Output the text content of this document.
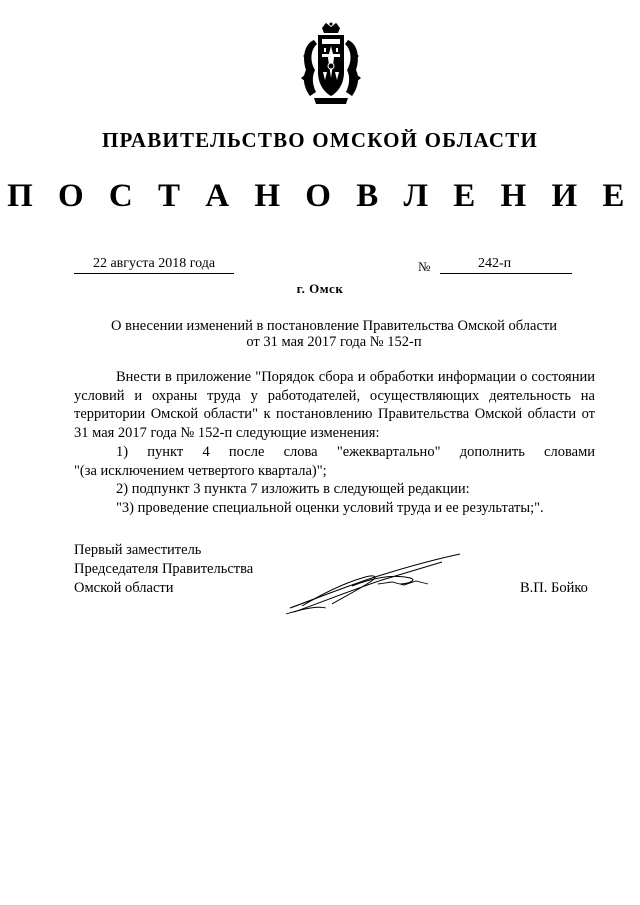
ПРАВИТЕЛЬСТВО ОМСКОЙ ОБЛАСТИ
П О С Т А Н О В Л Е Н И Е
22 августа 2018 года	№	242-п
г. Омск
О внесении изменений в постановление Правительства Омской области
от 31 мая 2017 года № 152-п

Внести в приложение "Порядок сбора и обработки информации о состоянии условий и охраны труда у работодателей, осуществляющих деятельность на территории Омской области" к постановлению Правительства Омской области от 31 мая 2017 года № 152-п следующие изменения:

1) пункт 4 после слова "ежеквартально" дополнить словами

"(за исключением четвертого квартала)";

2) подпункт 3 пункта 7 изложить в следующей редакции:

"3) проведение специальной оценки условий труда и ее результаты;".

Первый заместитель
Председателя Правительства
Омской области	В.П. Бойко
